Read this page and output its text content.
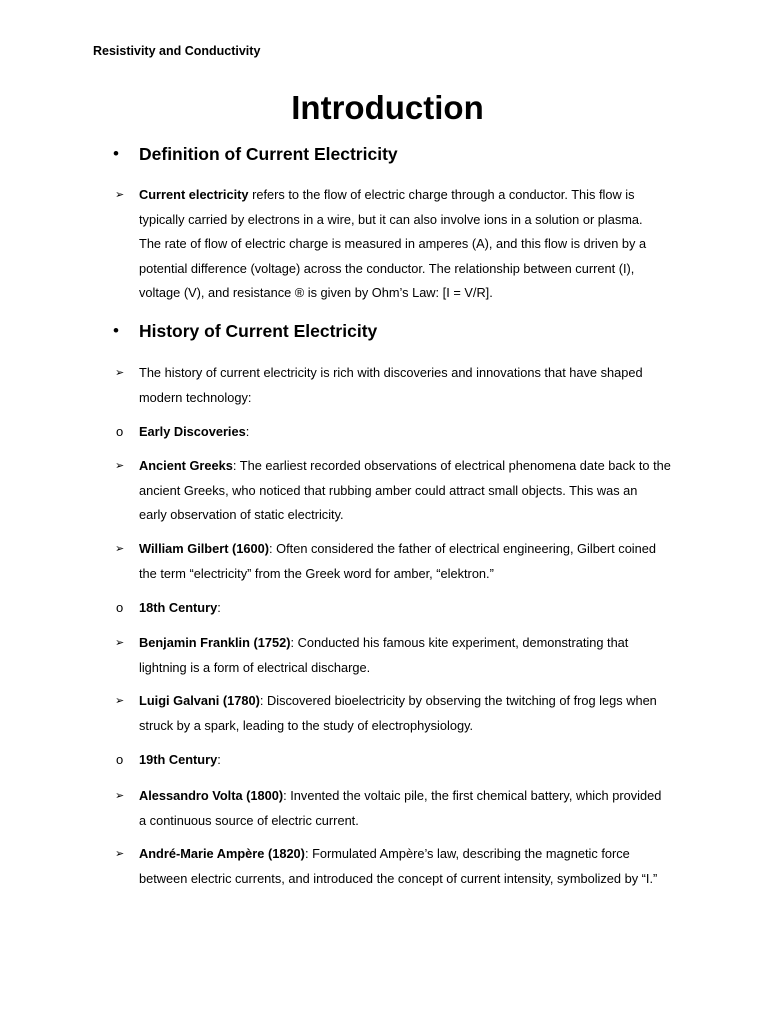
Resistivity and Conductivity
Introduction
• Definition of Current Electricity
➢ Current electricity refers to the flow of electric charge through a conductor. This flow is
typically carried by electrons in a wire, but it can also involve ions in a solution or plasma.
The rate of flow of electric charge is measured in amperes (A), and this flow is driven by a
potential difference (voltage) across the conductor. The relationship between current (I),
voltage (V), and resistance ® is given by Ohm’s Law: [I = V/R].
• History of Current Electricity
➢ The history of current electricity is rich with discoveries and innovations that have shaped
modern technology:
o Early Discoveries:
➢ Ancient Greeks: The earliest recorded observations of electrical phenomena date back to the
ancient Greeks, who noticed that rubbing amber could attract small objects. This was an
early observation of static electricity.
➢ William Gilbert (1600): Often considered the father of electrical engineering, Gilbert coined
the term “electricity” from the Greek word for amber, “elektron.”
o 18th Century:
➢ Benjamin Franklin (1752): Conducted his famous kite experiment, demonstrating that
lightning is a form of electrical discharge.
➢ Luigi Galvani (1780): Discovered bioelectricity by observing the twitching of frog legs when
struck by a spark, leading to the study of electrophysiology.
o 19th Century:
➢ Alessandro Volta (1800): Invented the voltaic pile, the first chemical battery, which provided
a continuous source of electric current.
➢ André-Marie Ampère (1820): Formulated Ampère’s law, describing the magnetic force
between electric currents, and introduced the concept of current intensity, symbolized by “I.”
